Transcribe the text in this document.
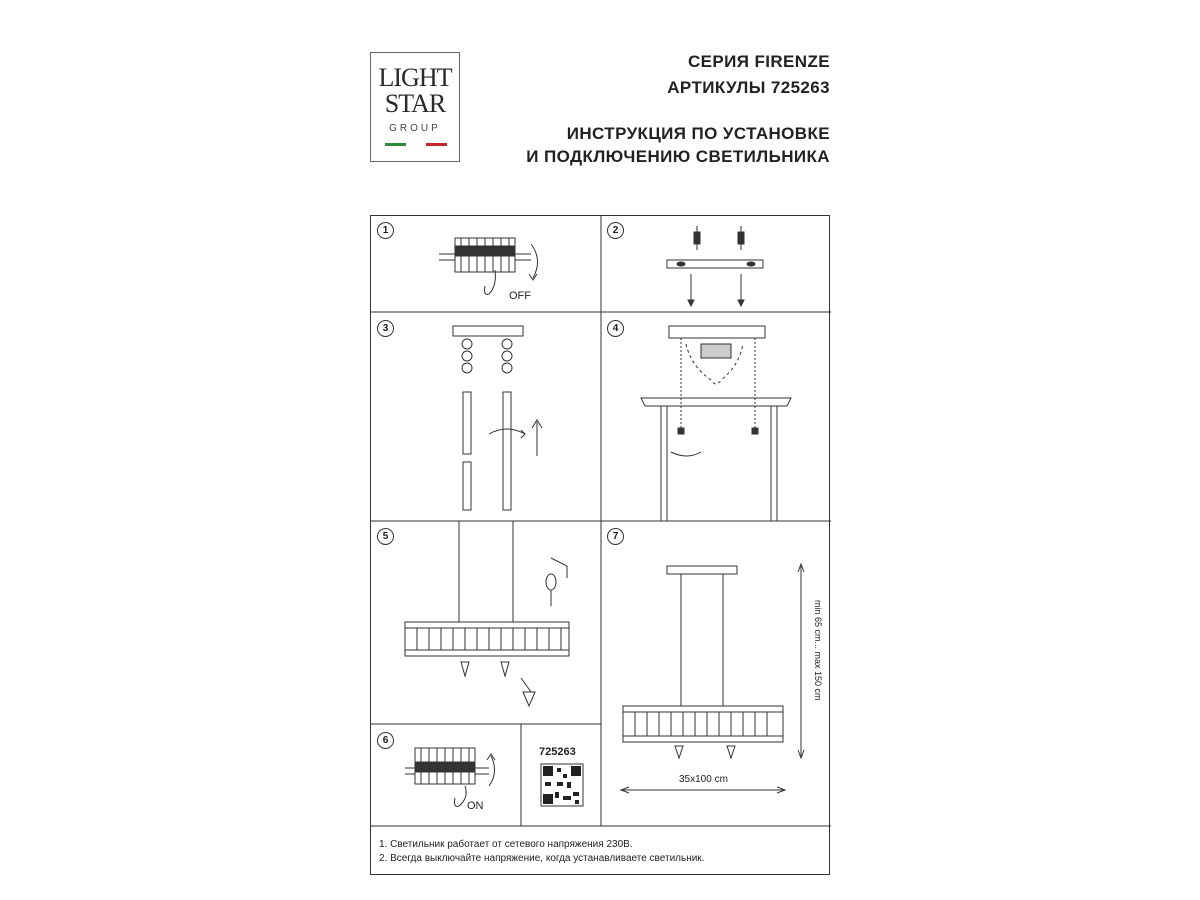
LIGHT
STAR
GROUP
СЕРИЯ FIRENZE
АРТИКУЛЫ 725263
ИНСТРУКЦИЯ ПО УСТАНОВКЕ
И ПОДКЛЮЧЕНИЮ СВЕТИЛЬНИКА
1	2
3	4
5
6
7
OFF
ON
725263
min 65 cm... max 150 cm
35x100 cm
1. Светильник работает от сетевого напряжения 230В.
2. Всегда выключайте напряжение, когда устанавливаете светильник.
